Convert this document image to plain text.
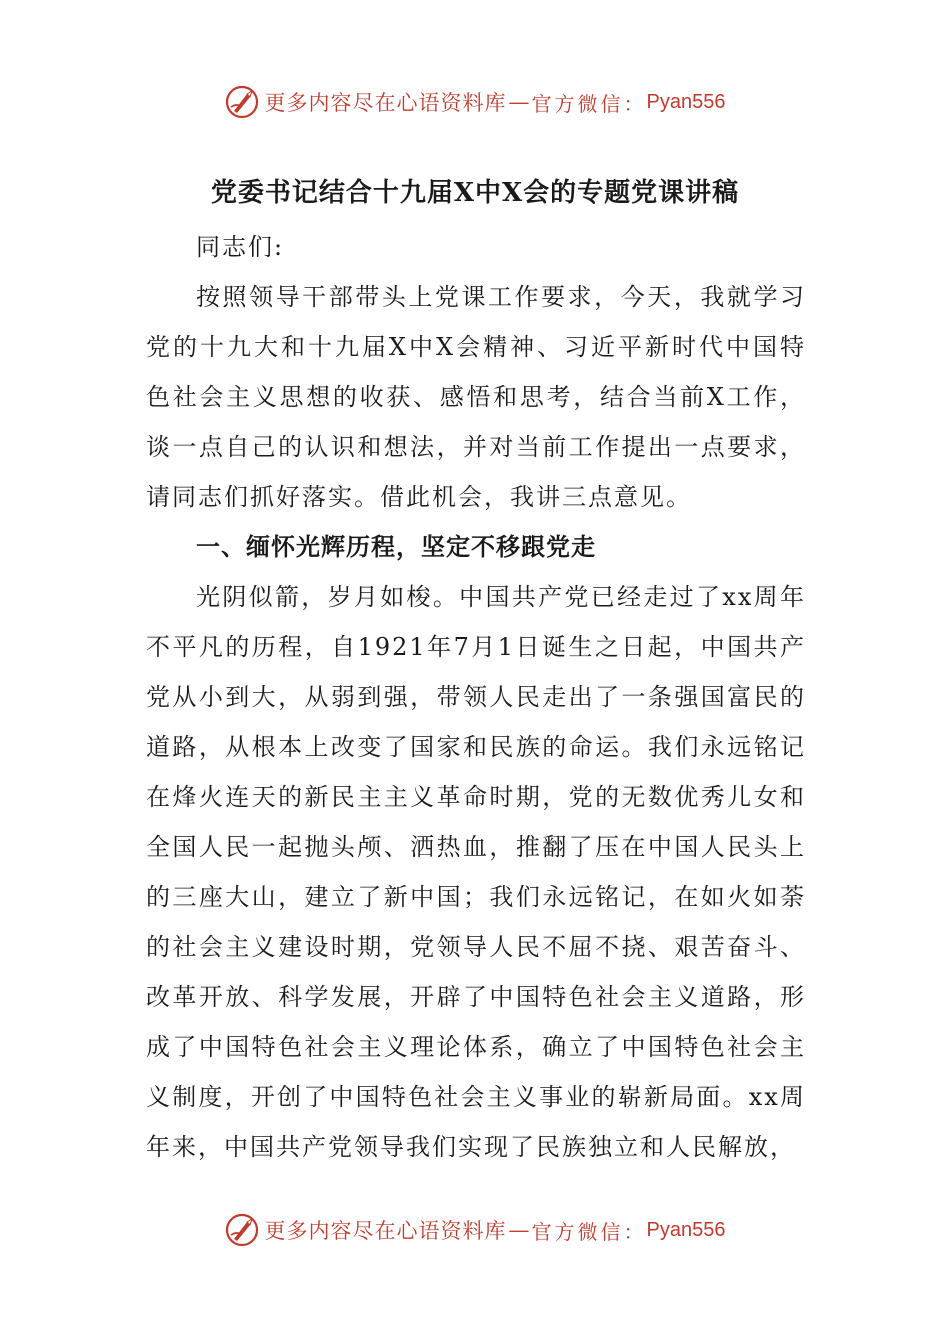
更多内容尽在心语资料库 — 官方微信： Pyan556
党委书记结合十九届X中X会的专题党课讲稿

同志们:

按照领导干部带头上党课工作要求，今天，我就学习党的十九大和十九届X中X会精神、习近平新时代中国特色社会主义思想的收获、感悟和思考，结合当前X工作，谈一点自己的认识和想法，并对当前工作提出一点要求，请同志们抓好落实。借此机会，我讲三点意见。

一、缅怀光辉历程，坚定不移跟党走

光阴似箭，岁月如梭。中国共产党已经走过了xx周年不平凡的历程，自1921年7月1日诞生之日起，中国共产党从小到大，从弱到强，带领人民走出了一条强国富民的道路，从根本上改变了国家和民族的命运。我们永远铭记在烽火连天的新民主主义革命时期，党的无数优秀儿女和全国人民一起抛头颅、洒热血，推翻了压在中国人民头上的三座大山，建立了新中国；我们永远铭记，在如火如荼的社会主义建设时期，党领导人民不屈不挠、艰苦奋斗、改革开放、科学发展，开辟了中国特色社会主义道路，形成了中国特色社会主义理论体系，确立了中国特色社会主义制度，开创了中国特色社会主义事业的崭新局面。xx周年来，中国共产党领导我们实现了民族独立和人民解放，

更多内容尽在心语资料库 — 官方微信： Pyan556
